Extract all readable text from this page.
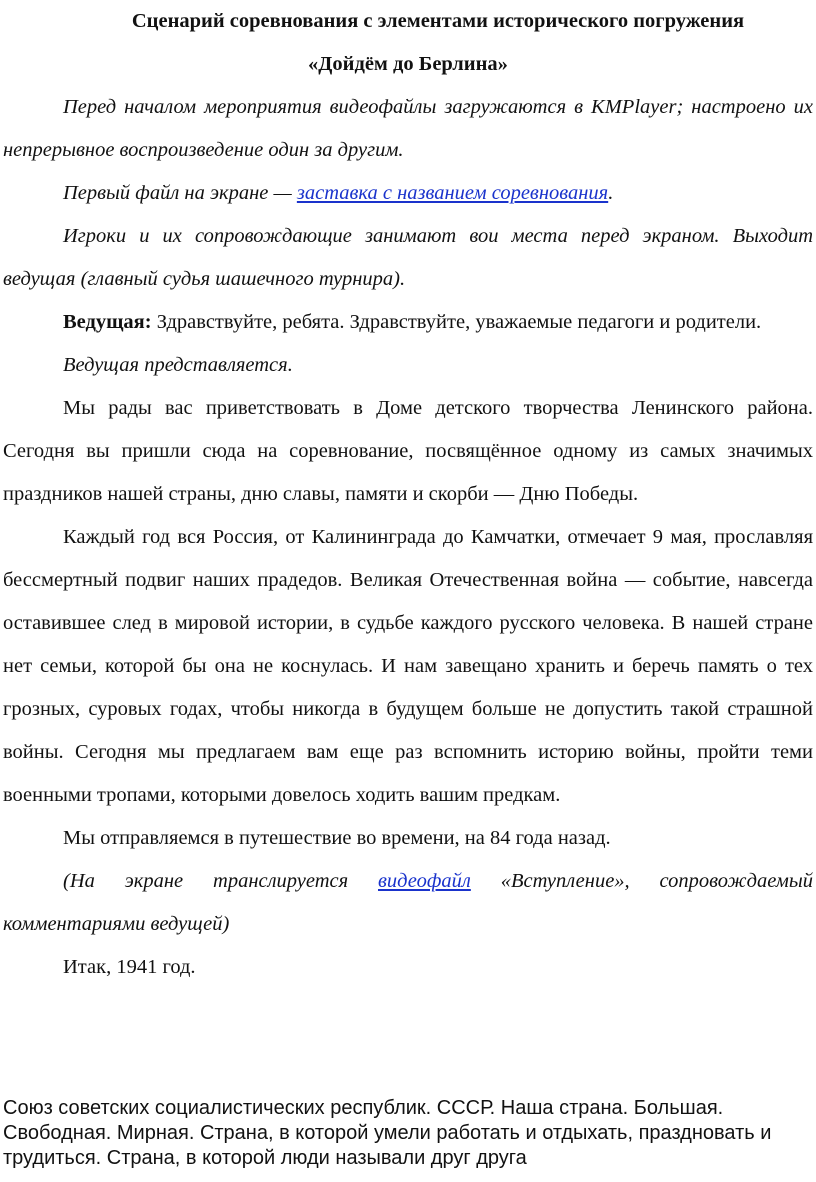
Сценарий соревнования с элементами исторического погружения
«Дойдём до Берлина»

Перед началом мероприятия видеофайлы загружаются в KMPlayer; настроено их непрерывное воспроизведение один за другим.

Первый файл на экране — заставка с названием соревнования.

Игроки и их сопровождающие занимают вои места перед экраном. Выходит ведущая (главный судья шашечного турнира).

Ведущая: Здравствуйте, ребята. Здравствуйте, уважаемые педагоги и родители.

Ведущая представляется.

Мы рады вас приветствовать в Доме детского творчества Ленинского района. Сегодня вы пришли сюда на соревнование, посвящённое одному из самых значимых праздников нашей страны, дню славы, памяти и скорби — Дню Победы.

Каждый год вся Россия, от Калининграда до Камчатки, отмечает 9 мая, прославляя бессмертный подвиг наших прадедов. Великая Отечественная война — событие, навсегда оставившее след в мировой истории, в судьбе каждого русского человека. В нашей стране нет семьи, которой бы она не коснулась. И нам завещано хранить и беречь память о тех грозных, суровых годах, чтобы никогда в будущем больше не допустить такой страшной войны. Сегодня мы предлагаем вам еще раз вспомнить историю войны, пройти теми военными тропами, которыми довелось ходить вашим предкам.

Мы отправляемся в путешествие во времени, на 84 года назад.

(На экране транслируется видеофайл «Вступление», сопровождаемый комментариями ведущей)

Итак, 1941 год.

Союз советских социалистических республик. СССР. Наша страна. Большая. Свободная. Мирная. Страна, в которой умели работать и отдыхать, праздновать и трудиться. Страна, в которой люди называли друг друга
